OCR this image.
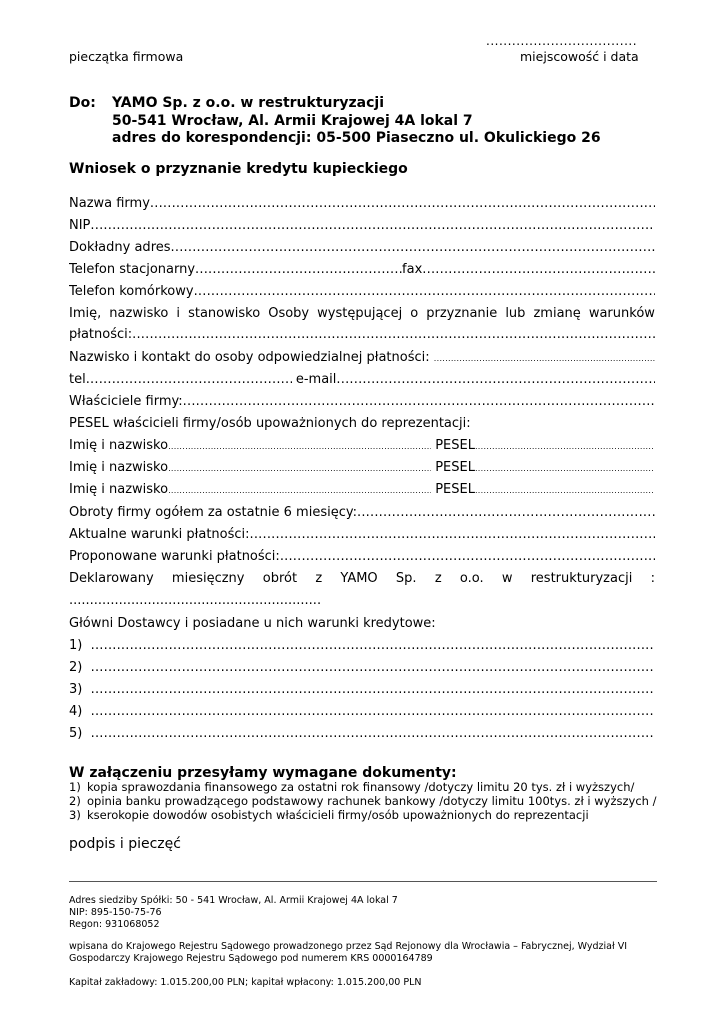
...................................
pieczątka firmowa	miejscowość i data
Do:	YAMO Sp. z o.o. w restrukturyzacji
50-541 Wrocław, Al. Armii Krajowej 4A lokal 7
adres do korespondencji: 05-500 Piaseczno ul. Okulickiego 26
Wniosek o przyznanie kredytu kupieckiego
Nazwa firmy .....
NIP .....
Dokładny adres .....
Telefon stacjonarny .....	fax .....
Telefon komórkowy .....
Imię, nazwisko i stanowisko Osoby występującej o przyznanie lub zmianę warunków
płatności: .....
Nazwisko i kontakt do osoby odpowiedzialnej płatności: .....
tel .....	e-mail .....
Właściciele firmy: .....
PESEL właścicieli firmy/osób upoważnionych do reprezentacji:
Imię i nazwisko .....	PESEL .....
Imię i nazwisko .....	PESEL .....
Imię i nazwisko .....	PESEL .....
Obroty firmy ogółem za ostatnie 6 miesięcy: .....
Aktualne warunki płatności: .....
Proponowane warunki płatności: .....
Deklarowany miesięczny obrót z YAMO Sp. z o.o. w restrukturyzacji :
.............................................................
Główni Dostawcy i posiadane u nich warunki kredytowe:
1)  .....
2)  .....
3)  .....
4)  .....
5)  .....
W załączeniu przesyłamy wymagane dokumenty:
1) kopia sprawozdania finansowego za ostatni rok finansowy /dotyczy limitu 20 tys. zł i wyższych/
2) opinia banku prowadzącego podstawowy rachunek bankowy /dotyczy limitu 100tys. zł i wyższych /
3) kserokopie dowodów osobistych właścicieli firmy/osób upoważnionych do reprezentacji
podpis i pieczęć
Adres siedziby Spółki: 50 - 541 Wrocław, Al. Armii Krajowej 4A lokal 7
NIP: 895-150-75-76
Regon: 931068052
wpisana do Krajowego Rejestru Sądowego prowadzonego przez Sąd Rejonowy dla Wrocławia – Fabrycznej, Wydział VI
Gospodarczy Krajowego Rejestru Sądowego pod numerem KRS 0000164789
Kapitał zakładowy: 1.015.200,00 PLN; kapitał wpłacony: 1.015.200,00 PLN
